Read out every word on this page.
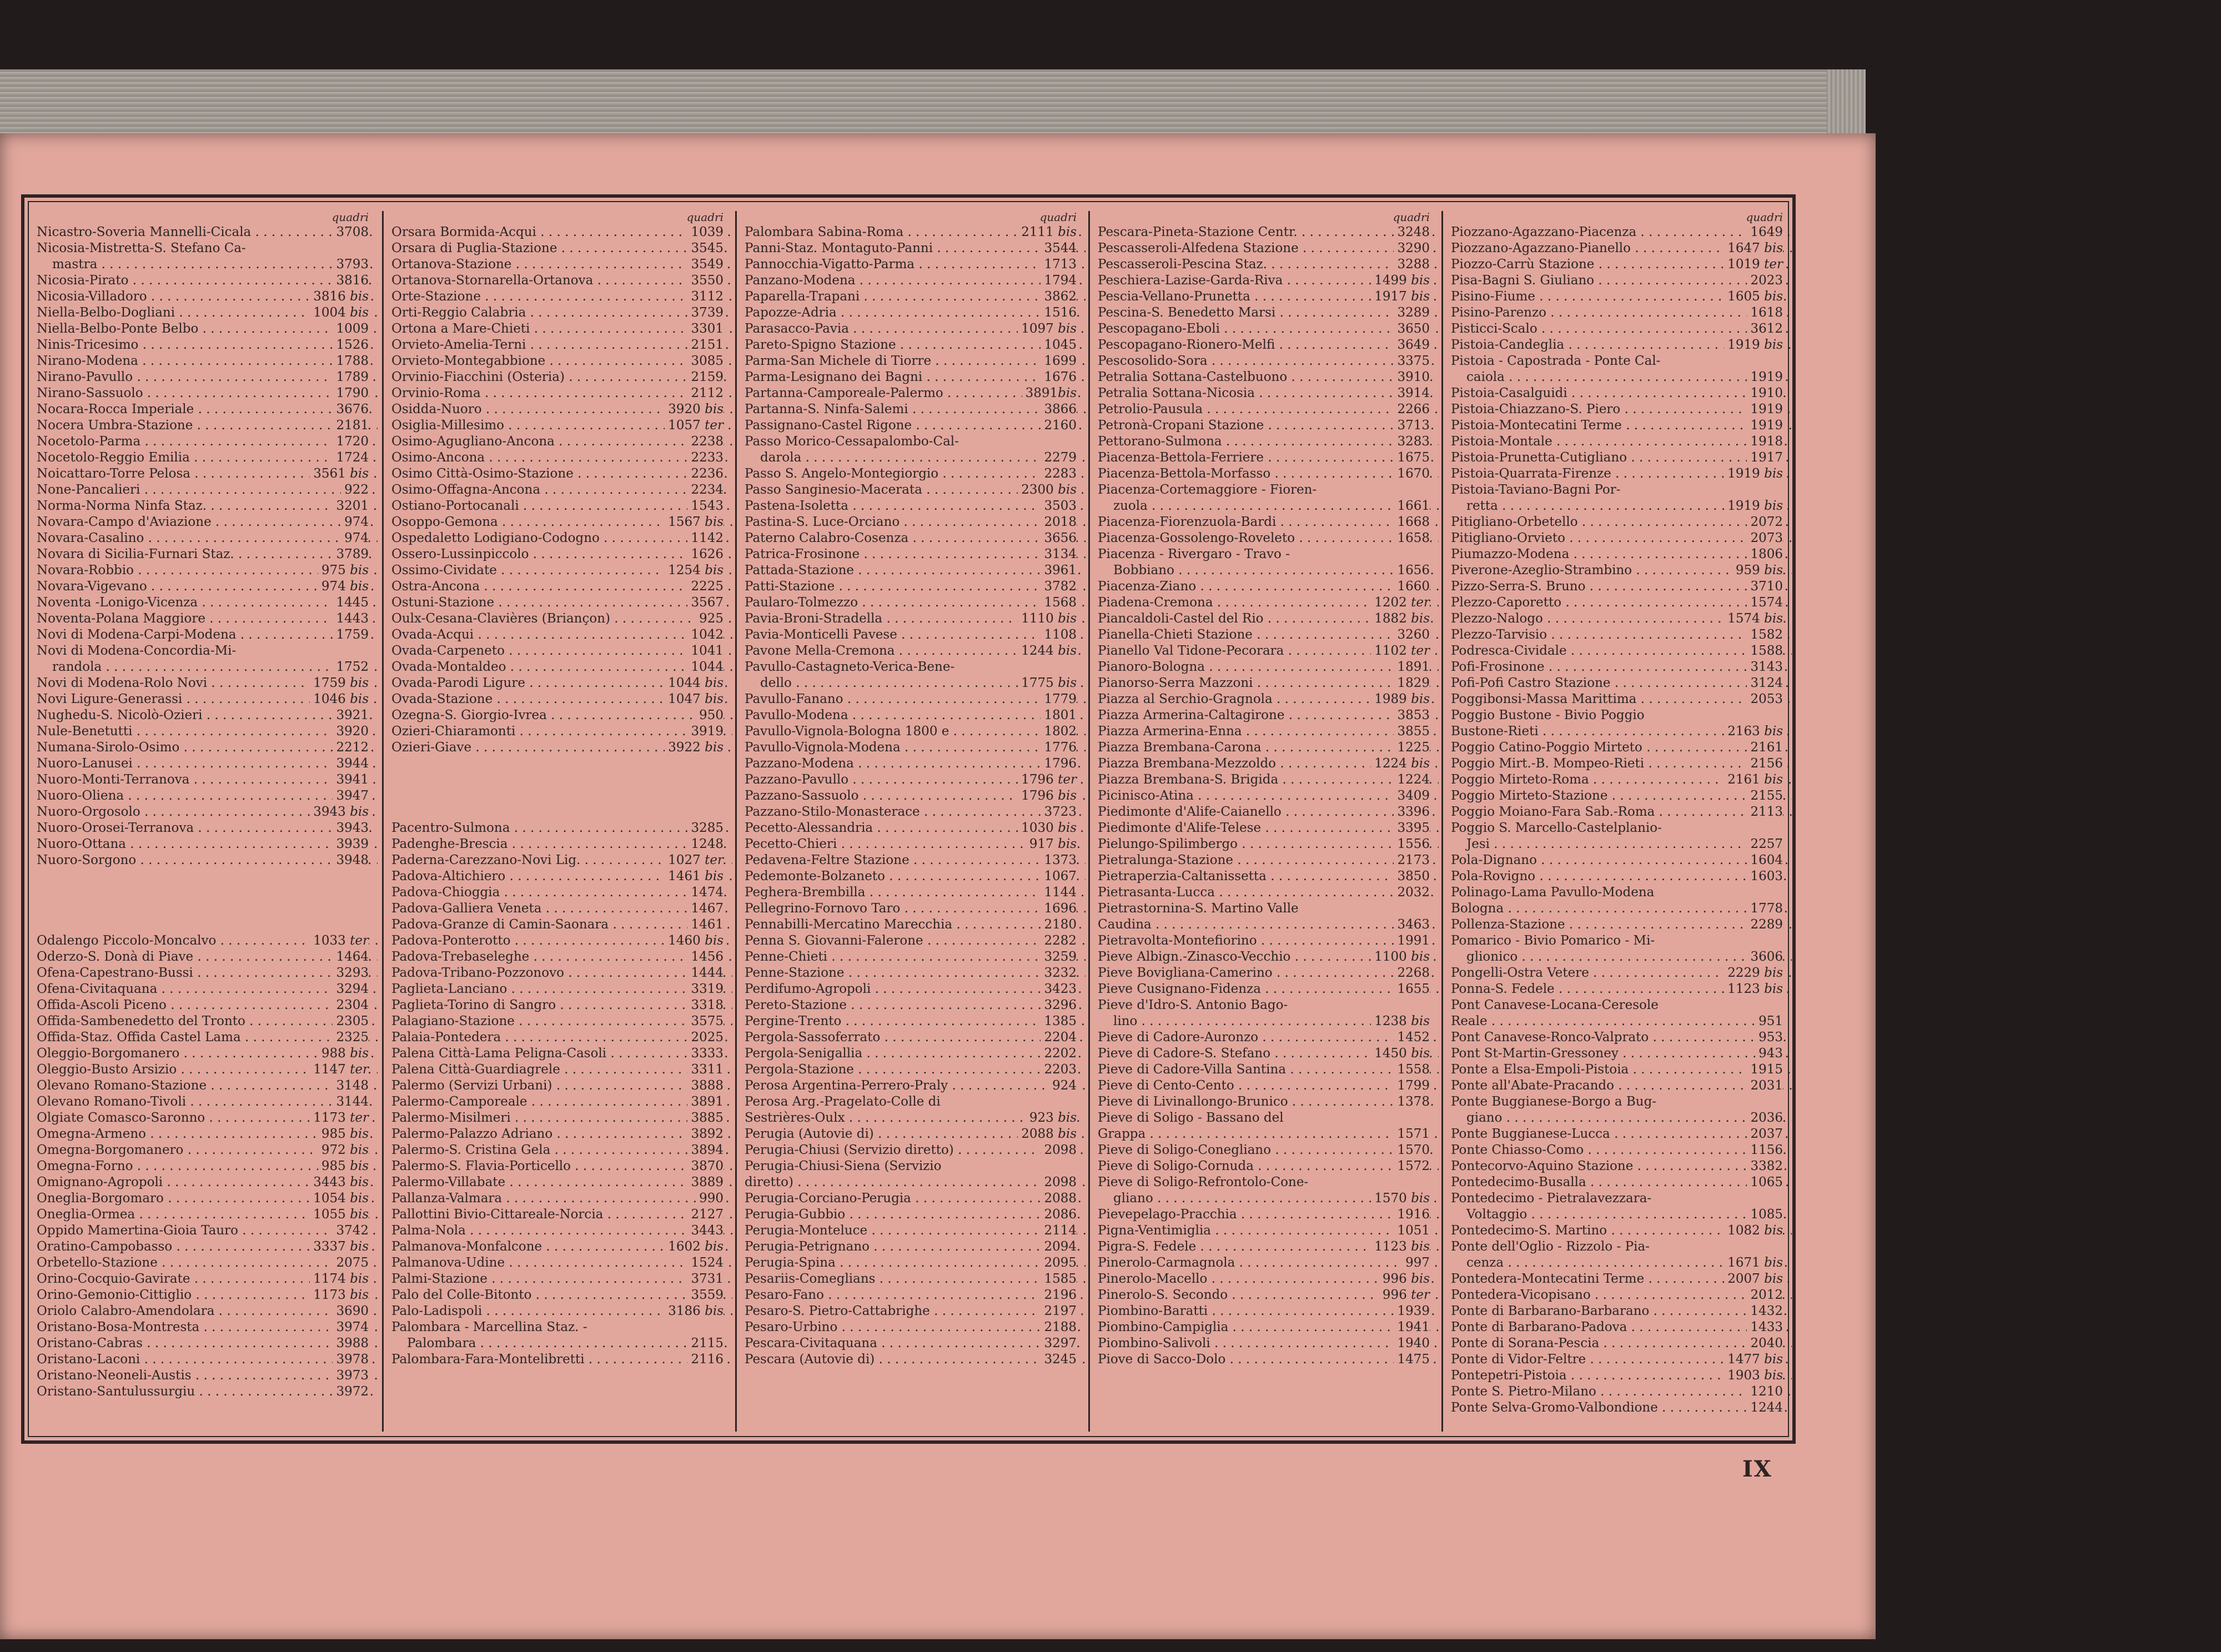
quadri
Nicastro-Soveria Mannelli-Cicala . . .	3708
Nicosia-Mistretta-S. Stefano Ca-
mastra . . .	3793
Nicosia-Pirato . . .	3816
Nicosia-Villadoro . . .	3816 bis
Niella-Belbo-Dogliani . . .	1004 bis
Niella-Belbo-Ponte Belbo . . .	1009
Ninis-Tricesimo . . .	1526
Nirano-Modena . . .	1788
Nirano-Pavullo . . .	1789
Nirano-Sassuolo . . .	1790
Nocara-Rocca Imperiale . . .	3676
Nocera Umbra-Stazione . . .	2181
Nocetolo-Parma . . .	1720
Nocetolo-Reggio Emilia . . .	1724
Noicattaro-Torre Pelosa . . .	3561 bis
None-Pancalieri . . .	922
Norma-Norma Ninfa Staz. . . .	3201
Novara-Campo d'Aviazione . . .	974
Novara-Casalino . . .	974
Novara di Sicilia-Furnari Staz. . . .	3789
Novara-Robbio . . .	975 bis
Novara-Vigevano . . .	974 bis
Noventa -Lonigo-Vicenza . . .	1445
Noventa-Polana Maggiore . . .	1443
Novi di Modena-Carpi-Modena . . .	1759
Novi di Modena-Concordia-Mi-
randola . . .	1752
Novi di Modena-Rolo Novi . . .	1759 bis
Novi Ligure-Generassi . . .	1046 bis
Nughedu-S. Nicolò-Ozieri . . .	3921
Nule-Benetutti . . .	3920
Numana-Sirolo-Osimo . . .	2212
Nuoro-Lanusei . . .	3944
Nuoro-Monti-Terranova . . .	3941
Nuoro-Oliena . . .	3947
Nuoro-Orgosolo . . .	3943 bis
Nuoro-Orosei-Terranova . . .	3943
Nuoro-Ottana . . .	3939
Nuoro-Sorgono . . .	3948
Odalengo Piccolo-Moncalvo . . .	1033 ter
Oderzo-S. Donà di Piave . . .	1464
Ofena-Capestrano-Bussi . . .	3293
Ofena-Civitaquana . . .	3294
Offida-Ascoli Piceno . . .	2304
Offida-Sambenedetto del Tronto . . .	2305
Offida-Staz. Offida Castel Lama . . .	2325
Oleggio-Borgomanero . . .	988 bis
Oleggio-Busto Arsizio . . .	1147 ter
Olevano Romano-Stazione . . .	3148
Olevano Romano-Tivoli . . .	3144
Olgiate Comasco-Saronno . . .	1173 ter
Omegna-Armeno . . .	985 bis
Omegna-Borgomanero . . .	972 bis
Omegna-Forno . . .	985 bis
Omignano-Agropoli . . .	3443 bis
Oneglia-Borgomaro . . .	1054 bis
Oneglia-Ormea . . .	1055 bis
Oppido Mamertina-Gioia Tauro . . .	3742
Oratino-Campobasso . . .	3337 bis
Orbetello-Stazione . . .	2075
Orino-Cocquio-Gavirate . . .	1174 bis
Orino-Gemonio-Cittiglio . . .	1173 bis
Oriolo Calabro-Amendolara . . .	3690
Oristano-Bosa-Montresta . . .	3974
Oristano-Cabras . . .	3988
Oristano-Laconi . . .	3978
Oristano-Neoneli-Austis . . .	3973
Oristano-Santulussurgiu . . .	3972
quadri
Orsara Bormida-Acqui . . .	1039
Orsara di Puglia-Stazione . . .	3545
Ortanova-Stazione . . .	3549
Ortanova-Stornarella-Ortanova . . .	3550
Orte-Stazione . . .	3112
Orti-Reggio Calabria . . .	3739
Ortona a Mare-Chieti . . .	3301
Orvieto-Amelia-Terni . . .	2151
Orvieto-Montegabbione . . .	3085
Orvinio-Fiacchini (Osteria) . . .	2159
Orvinio-Roma . . .	2112
Osidda-Nuoro . . .	3920 bis
Osiglia-Millesimo . . .	1057 ter
Osimo-Agugliano-Ancona . . .	2238
Osimo-Ancona . . .	2233
Osimo Città-Osimo-Stazione . . .	2236
Osimo-Offagna-Ancona . . .	2234
Ostiano-Portocanali . . .	1543
Osoppo-Gemona . . .	1567 bis
Ospedaletto Lodigiano-Codogno . . .	1142
Ossero-Lussinpiccolo . . .	1626
Ossimo-Cividate . . .	1254 bis
Ostra-Ancona . . .	2225
Ostuni-Stazione . . .	3567
Oulx-Cesana-Clavières (Briançon) . . .	925
Ovada-Acqui . . .	1042
Ovada-Carpeneto . . .	1041
Ovada-Montaldeo . . .	1044
Ovada-Parodi Ligure . . .	1044 bis
Ovada-Stazione . . .	1047 bis
Ozegna-S. Giorgio-Ivrea . . .	950
Ozieri-Chiaramonti . . .	3919
Ozieri-Giave . . .	3922 bis
Pacentro-Sulmona . . .	3285
Padenghe-Brescia . . .	1248
Paderna-Carezzano-Novi Lig. . . .	1027 ter
Padova-Altichiero . . .	1461 bis
Padova-Chioggia . . .	1474
Padova-Galliera Veneta . . .	1467
Padova-Granze di Camin-Saonara . . .	1461
Padova-Ponterotto . . .	1460 bis
Padova-Trebaseleghe . . .	1456
Padova-Tribano-Pozzonovo . . .	1444
Paglieta-Lanciano . . .	3319
Paglieta-Torino di Sangro . . .	3318
Palagiano-Stazione . . .	3575
Palaia-Pontedera . . .	2025
Palena Città-Lama Peligna-Casoli . . .	3333
Palena Città-Guardiagrele . . .	3311
Palermo (Servizi Urbani) . . .	3888
Palermo-Camporeale . . .	3891
Palermo-Misilmeri . . .	3885
Palermo-Palazzo Adriano . . .	3892
Palermo-S. Cristina Gela . . .	3894
Palermo-S. Flavia-Porticello . . .	3870
Palermo-Villabate . . .	3889
Pallanza-Valmara . . .	990
Pallottini Bivio-Cittareale-Norcia . . .	2127
Palma-Nola . . .	3443
Palmanova-Monfalcone . . .	1602 bis
Palmanova-Udine . . .	1524
Palmi-Stazione . . .	3731
Palo del Colle-Bitonto . . .	3559
Palo-Ladispoli . . .	3186 bis
Palombara - Marcellina Staz. -
Palombara . . .	2115
Palombara-Fara-Montelibretti . . .	2116
quadri
Palombara Sabina-Roma . . .	2111 bis
Panni-Staz. Montaguto-Panni . . .	3544
Pannocchia-Vigatto-Parma . . .	1713
Panzano-Modena . . .	1794
Paparella-Trapani . . .	3862
Papozze-Adria . . .	1516
Parasacco-Pavia . . .	1097 bis
Pareto-Spigno Stazione . . .	1045
Parma-San Michele di Tiorre . . .	1699
Parma-Lesignano dei Bagni . . .	1676
Partanna-Camporeale-Palermo . . .	3891bis
Partanna-S. Ninfa-Salemi . . .	3866
Passignano-Castel Rigone . . .	2160
Passo Morico-Cessapalombo-Cal-
darola . . .	2279
Passo S. Angelo-Montegiorgio . . .	2283
Passo Sanginesio-Macerata . . .	2300 bis
Pastena-Isoletta . . .	3503
Pastina-S. Luce-Orciano . . .	2018
Paterno Calabro-Cosenza . . .	3656
Patrica-Frosinone . . .	3134
Pattada-Stazione . . .	3961
Patti-Stazione . . .	3782
Paularo-Tolmezzo . . .	1568
Pavia-Broni-Stradella . . .	1110 bis
Pavia-Monticelli Pavese . . .	1108
Pavone Mella-Cremona . . .	1244 bis
Pavullo-Castagneto-Verica-Bene-
dello . . .	1775 bis
Pavullo-Fanano . . .	1779
Pavullo-Modena . . .	1801
Pavullo-Vignola-Bologna 1800 e . . .	1802
Pavullo-Vignola-Modena . . .	1776
Pazzano-Modena . . .	1796
Pazzano-Pavullo . . .	1796 ter
Pazzano-Sassuolo . . .	1796 bis
Pazzano-Stilo-Monasterace . . .	3723
Pecetto-Alessandria . . .	1030 bis
Pecetto-Chieri . . .	917 bis
Pedavena-Feltre Stazione . . .	1373
Pedemonte-Bolzaneto . . .	1067
Peghera-Brembilla . . .	1144
Pellegrino-Fornovo Taro . . .	1696
Pennabilli-Mercatino Marecchia . . .	2180
Penna S. Giovanni-Falerone . . .	2282
Penne-Chieti . . .	3259
Penne-Stazione . . .	3232
Perdifumo-Agropoli . . .	3423
Pereto-Stazione . . .	3296
Pergine-Trento . . .	1385
Pergola-Sassoferrato . . .	2204
Pergola-Senigallia . . .	2202
Pergola-Stazione . . .	2203
Perosa Argentina-Perrero-Praly . . .	924
Perosa Arg.-Pragelato-Colle di
Sestrières-Oulx . . .	923 bis
Perugia (Autovie di) . . .	2088 bis
Perugia-Chiusi (Servizio diretto) . . .	2098
Perugia-Chiusi-Siena (Servizio
diretto) . . .	2098
Perugia-Corciano-Perugia . . .	2088
Perugia-Gubbio . . .	2086
Perugia-Monteluce . . .	2114
Perugia-Petrignano . . .	2094
Perugia-Spina . . .	2095
Pesariis-Comeglians . . .	1585
Pesaro-Fano . . .	2196
Pesaro-S. Pietro-Cattabrighe . . .	2197
Pesaro-Urbino . . .	2188
Pescara-Civitaquana . . .	3297
Pescara (Autovie di) . . .	3245
quadri
Pescara-Pineta-Stazione Centr. . . .	3248
Pescasseroli-Alfedena Stazione . . .	3290
Pescasseroli-Pescina Staz. . . .	3288
Peschiera-Lazise-Garda-Riva . . .	1499 bis
Pescia-Vellano-Prunetta . . .	1917 bis
Pescina-S. Benedetto Marsi . . .	3289
Pescopagano-Eboli . . .	3650
Pescopagano-Rionero-Melfi . . .	3649
Pescosolido-Sora . . .	3375
Petralia Sottana-Castelbuono . . .	3910
Petralia Sottana-Nicosia . . .	3914
Petrolio-Pausula . . .	2266
Petronà-Cropani Stazione . . .	3713
Pettorano-Sulmona . . .	3283
Piacenza-Bettola-Ferriere . . .	1675
Piacenza-Bettola-Morfasso . . .	1670
Piacenza-Cortemaggiore - Fioren-
zuola . . .	1661
Piacenza-Fiorenzuola-Bardi . . .	1668
Piacenza-Gossolengo-Roveleto . . .	1658
Piacenza - Rivergaro - Travo -
Bobbiano . . .	1656
Piacenza-Ziano . . .	1660
Piadena-Cremona . . .	1202 ter
Piancaldoli-Castel del Rio . . .	1882 bis
Pianella-Chieti Stazione . . .	3260
Pianello Val Tidone-Pecorara . . .	1102 ter
Pianoro-Bologna . . .	1891
Pianorso-Serra Mazzoni . . .	1829
Piazza al Serchio-Gragnola . . .	1989 bis
Piazza Armerina-Caltagirone . . .	3853
Piazza Armerina-Enna . . .	3855
Piazza Brembana-Carona . . .	1225
Piazza Brembana-Mezzoldo . . .	1224 bis
Piazza Brembana-S. Brigida . . .	1224
Picinisco-Atina . . .	3409
Piedimonte d'Alife-Caianello . . .	3396
Piedimonte d'Alife-Telese . . .	3395
Pielungo-Spilimbergo . . .	1556
Pietralunga-Stazione . . .	2173
Pietraperzia-Caltanissetta . . .	3850
Pietrasanta-Lucca . . .	2032
Pietrastornina-S. Martino Valle
Caudina . . .	3463
Pietravolta-Montefiorino . . .	1991
Pieve Albign.-Zinasco-Vecchio . . .	1100 bis
Pieve Bovigliana-Camerino . . .	2268
Pieve Cusignano-Fidenza . . .	1655
Pieve d'Idro-S. Antonio Bago-
lino . . .	1238 bis
Pieve di Cadore-Auronzo . . .	1452
Pieve di Cadore-S. Stefano . . .	1450 bis
Pieve di Cadore-Villa Santina . . .	1558
Pieve di Cento-Cento . . .	1799
Pieve di Livinallongo-Brunico . . .	1378
Pieve di Soligo - Bassano del
Grappa . . .	1571
Pieve di Soligo-Conegliano . . .	1570
Pieve di Soligo-Cornuda . . .	1572
Pieve di Soligo-Refrontolo-Cone-
gliano . . .	1570 bis
Pievepelago-Pracchia . . .	1916
Pigna-Ventimiglia . . .	1051
Pigra-S. Fedele . . .	1123 bis
Pinerolo-Carmagnola . . .	997
Pinerolo-Macello . . .	996 bis
Pinerolo-S. Secondo . . .	996 ter
Piombino-Baratti . . .	1939
Piombino-Campiglia . . .	1941
Piombino-Salivoli . . .	1940
Piove di Sacco-Dolo . . .	1475
quadri
Piozzano-Agazzano-Piacenza . . .	1649
Piozzano-Agazzano-Pianello . . .	1647 bis
Piozzo-Carrù Stazione . . .	1019 ter
Pisa-Bagni S. Giuliano . . .	2023
Pisino-Fiume . . .	1605 bis
Pisino-Parenzo . . .	1618
Pisticci-Scalo . . .	3612
Pistoia-Candeglia . . .	1919 bis
Pistoia - Capostrada - Ponte Cal-
caiola . . .	1919
Pistoia-Casalguidi . . .	1910
Pistoia-Chiazzano-S. Piero . . .	1919
Pistoia-Montecatini Terme . . .	1919
Pistoia-Montale . . .	1918
Pistoia-Prunetta-Cutigliano . . .	1917
Pistoia-Quarrata-Firenze . . .	1919 bis
Pistoia-Taviano-Bagni Por-
retta . . .	1919 bis
Pitigliano-Orbetello . . .	2072
Pitigliano-Orvieto . . .	2073
Piumazzo-Modena . . .	1806
Piverone-Azeglio-Strambino . . .	959 bis
Pizzo-Serra-S. Bruno . . .	3710
Plezzo-Caporetto . . .	1574
Plezzo-Nalogo . . .	1574 bis
Plezzo-Tarvisio . . .	1582
Podresca-Cividale . . .	1588
Pofi-Frosinone . . .	3143
Pofi-Pofi Castro Stazione . . .	3124
Poggibonsi-Massa Marittima . . .	2053
Poggio Bustone - Bivio Poggio
Bustone-Rieti . . .	2163 bis
Poggio Catino-Poggio Mirteto . . .	2161
Poggio Mirt.-B. Mompeo-Rieti . . .	2156
Poggio Mirteto-Roma . . .	2161 bis
Poggio Mirteto-Stazione . . .	2155
Poggio Moiano-Fara Sab.-Roma . . .	2113
Poggio S. Marcello-Castelplanio-
Jesi . . .	2257
Pola-Dignano . . .	1604
Pola-Rovigno . . .	1603
Polinago-Lama Pavullo-Modena
Bologna . . .	1778
Pollenza-Stazione . . .	2289
Pomarico - Bivio Pomarico - Mi-
glionico . . .	3606
Pongelli-Ostra Vetere . . .	2229 bis
Ponna-S. Fedele . . .	1123 bis
Pont Canavese-Locana-Ceresole
Reale . . .	951
Pont Canavese-Ronco-Valprato . . .	953
Pont St-Martin-Gressoney . . .	943
Ponte a Elsa-Empoli-Pistoia . . .	1915
Ponte all'Abate-Pracando . . .	2031
Ponte Buggianese-Borgo a Bug-
giano . . .	2036
Ponte Buggianese-Lucca . . .	2037
Ponte Chiasso-Como . . .	1156
Pontecorvo-Aquino Stazione . . .	3382
Pontedecimo-Busalla . . .	1065
Pontedecimo - Pietralavezzara-
Voltaggio . . .	1085
Pontedecimo-S. Martino . . .	1082 bis
Ponte dell'Oglio - Rizzolo - Pia-
cenza . . .	1671 bis
Pontedera-Montecatini Terme . . .	2007 bis
Pontedera-Vicopisano . . .	2012
Ponte di Barbarano-Barbarano . . .	1432
Ponte di Barbarano-Padova . . .	1433
Ponte di Sorana-Pescia . . .	2040
Ponte di Vidor-Feltre . . .	1477 bis
Pontepetri-Pistoia . . .	1903 bis
Ponte S. Pietro-Milano . . .	1210
Ponte Selva-Gromo-Valbondione . . .	1244
IX
